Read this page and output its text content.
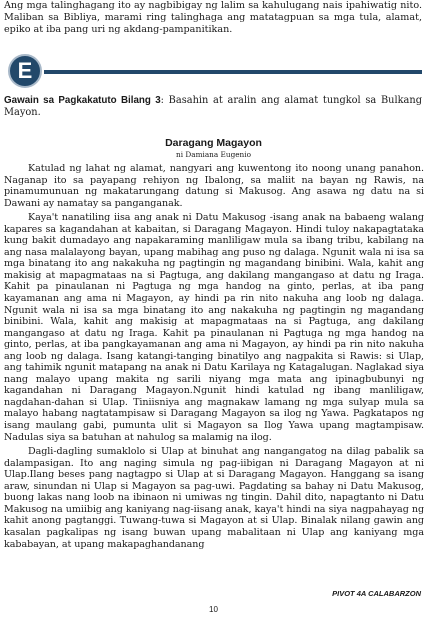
Ang mga talinghagang ito ay nagbibigay ng lalim sa kahulugang nais ipahiwatig nito. Maliban sa Bibliya, marami ring talinghaga ang matatagpuan sa mga tula, alamat, epiko at iba pang uri ng akdang-pampanitikan.

E

Gawain sa Pagkakatuto Bilang 3: Basahin at aralin ang alamat tungkol sa Bulkang Mayon.

Daragang Magayon

ni Damiana Eugenio

Katulad ng lahat ng alamat, nangyari ang kuwentong ito noong unang panahon. Naganap ito sa payapang rehiyon ng Ibalong, sa maliit na bayan ng Rawis, na pinamumunuan ng makatarungang datung si Makusog. Ang asawa ng datu na si Dawani ay namatay sa panganganak.

Kaya't nanatiling iisa ang anak ni Datu Makusog -isang anak na babaeng walang kapares sa kagandahan at kabaitan, si Daragang Magayon. Hindi tuloy nakapagtataka kung bakit dumadayo ang napakaraming manliligaw mula sa ibang tribu, kabilang na ang nasa malalayong bayan, upang mabihag ang puso ng dalaga. Ngunit wala ni isa sa mga binatang ito ang nakakuha ng pagtingin ng magandang binibini. Wala, kahit ang makisig at mapagmataas na si Pagtuga, ang dakilang mangangaso at datu ng Iraga. Kahit pa pinaulanan ni Pagtuga ng mga handog na ginto, perlas, at iba pang kayamanan ang ama ni Magayon, ay hindi pa rin nito nakuha ang loob ng dalaga. Ngunit wala ni isa sa mga binatang ito ang nakakuha ng pagtingin ng magandang binibini. Wala, kahit ang makisig at mapagmataas na si Pagtuga, ang dakilang mangangaso at datu ng Iraga. Kahit pa pinaulanan ni Pagtuga ng mga handog na ginto, perlas, at iba pangkayamanan ang ama ni Magayon, ay hindi pa rin nito nakuha ang loob ng dalaga. Isang katangi-tanging binatilyo ang nagpakita si Rawis: si Ulap, ang tahimik ngunit matapang na anak ni Datu Karilaya ng Katagalugan. Naglakad siya nang malayo upang makita ng sarili niyang mga mata ang ipinagbubunyi ng kagandahan ni Daragang Magayon.Ngunit hindi katulad ng ibang manliligaw, nagdahan-dahan si Ulap. Tiniisniya ang magnakaw lamang ng mga sulyap mula sa malayo habang nagtatampisaw si Daragang Magayon sa ilog ng Yawa. Pagkatapos ng isang maulang gabi, pumunta ulit si Magayon sa Ilog Yawa upang magtampisaw. Nadulas siya sa batuhan at nahulog sa malamig na ilog.

Dagli-dagling sumaklolo si Ulap at binuhat ang nangangatog na dilag pabalik sa dalampasigan. Ito ang naging simula ng pag-iibigan ni Daragang Magayon at ni Ulap.Ilang beses pang nagtagpo si Ulap at si Daragang Magayon. Hanggang sa isang araw, sinundan ni Ulap si Magayon sa pag-uwi. Pagdating sa bahay ni Datu Makusog, buong lakas nang loob na ibinaon ni umiwas ng tingin. Dahil dito, napagtanto ni Datu Makusog na umiibig ang kaniyang nag-iisang anak, kaya't hindi na siya nagpahayag ng kahit anong pagtanggi. Tuwang-tuwa si Magayon at si Ulap. Binalak nilang gawin ang kasalan pagkalipas ng isang buwan upang mabalitaan ni Ulap ang kaniyang mga kababayan, at upang makapaghandanang

PIVOT 4A CALABARZON
10
